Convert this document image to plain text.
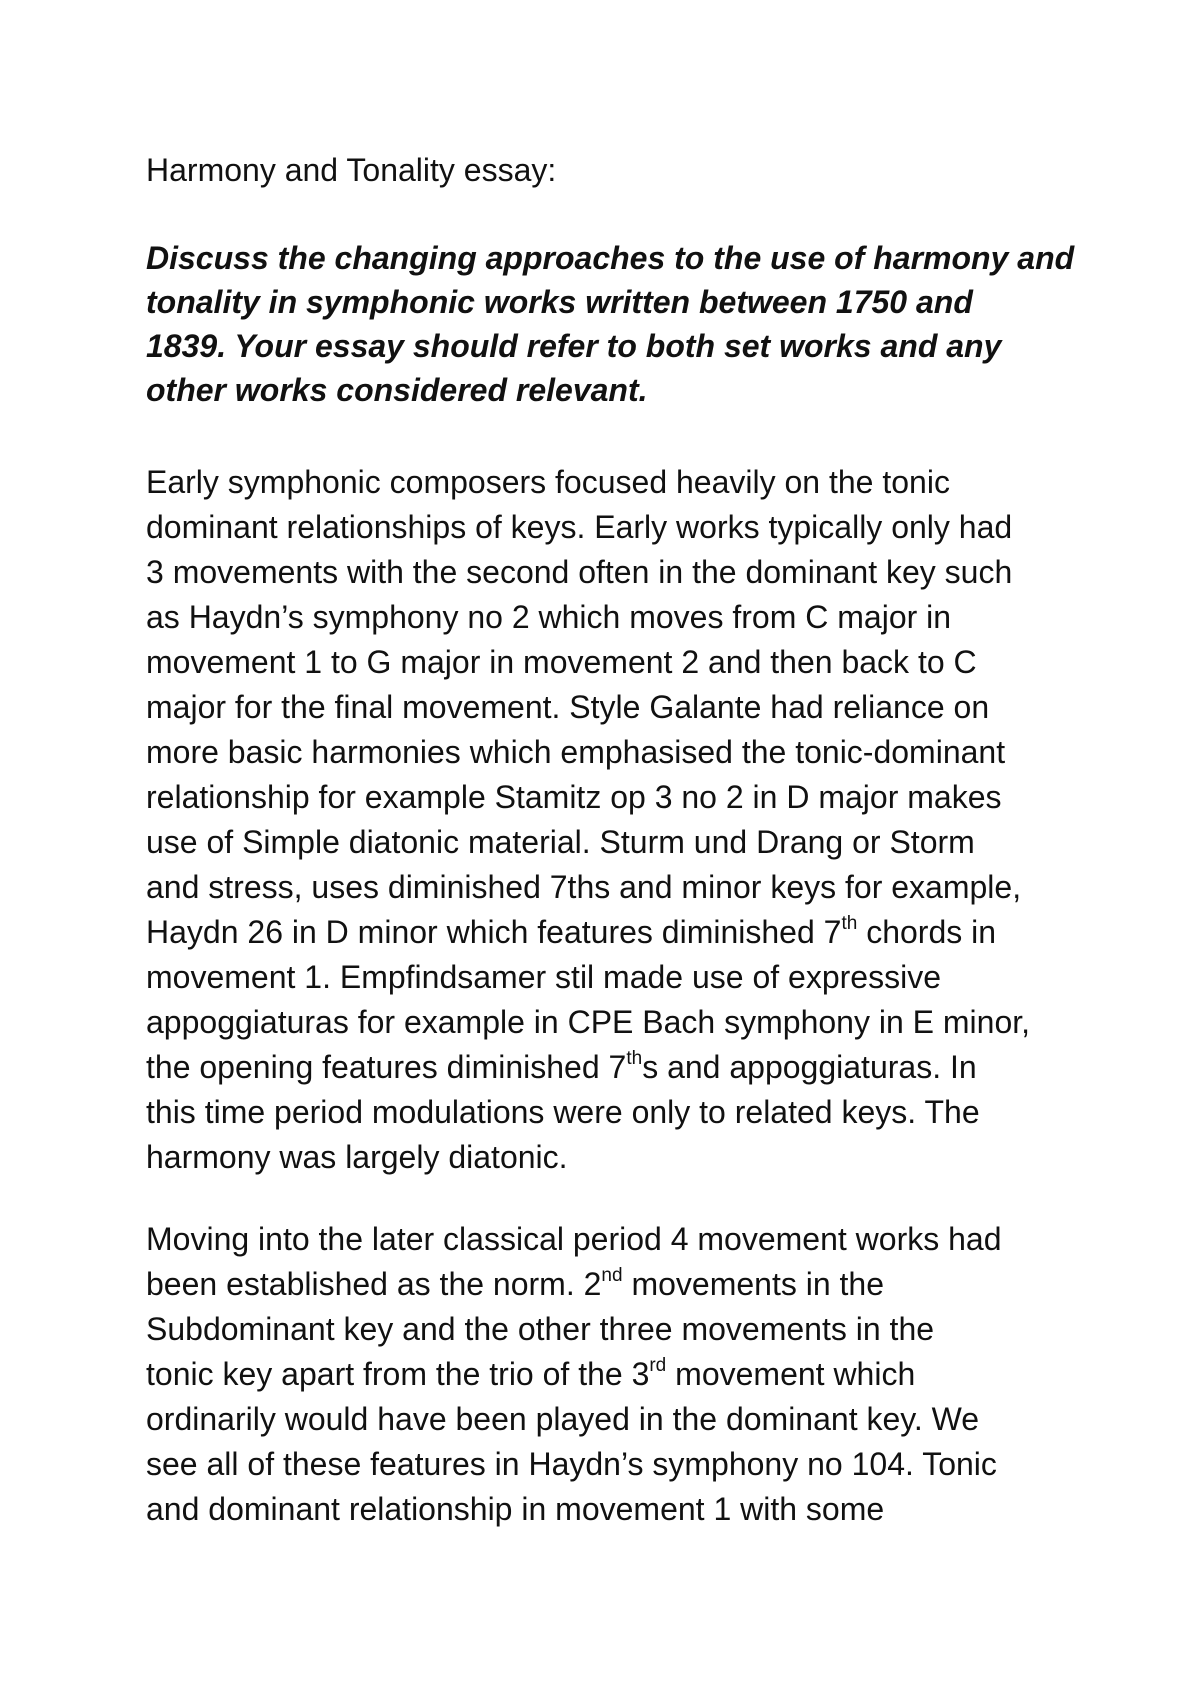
Harmony and Tonality essay:

Discuss the changing approaches to the use of harmony and
tonality in symphonic works written between 1750 and
1839. Your essay should refer to both set works and any
other works considered relevant.

Early symphonic composers focused heavily on the tonic
dominant relationships of keys. Early works typically only had
3 movements with the second often in the dominant key such
as Haydn’s symphony no 2 which moves from C major in
movement 1 to G major in movement 2 and then back to C
major for the final movement. Style Galante had reliance on
more basic harmonies which emphasised the tonic-dominant
relationship for example Stamitz op 3 no 2 in D major makes
use of Simple diatonic material. Sturm und Drang or Storm
and stress, uses diminished 7ths and minor keys for example,
Haydn 26 in D minor which features diminished 7th chords in
movement 1. Empfindsamer stil made use of expressive
appoggiaturas for example in CPE Bach symphony in E minor,
the opening features diminished 7ths and appoggiaturas. In
this time period modulations were only to related keys. The
harmony was largely diatonic.

Moving into the later classical period 4 movement works had
been established as the norm. 2nd movements in the
Subdominant key and the other three movements in the
tonic key apart from the trio of the 3rd movement which
ordinarily would have been played in the dominant key. We
see all of these features in Haydn’s symphony no 104. Tonic
and dominant relationship in movement 1 with some
